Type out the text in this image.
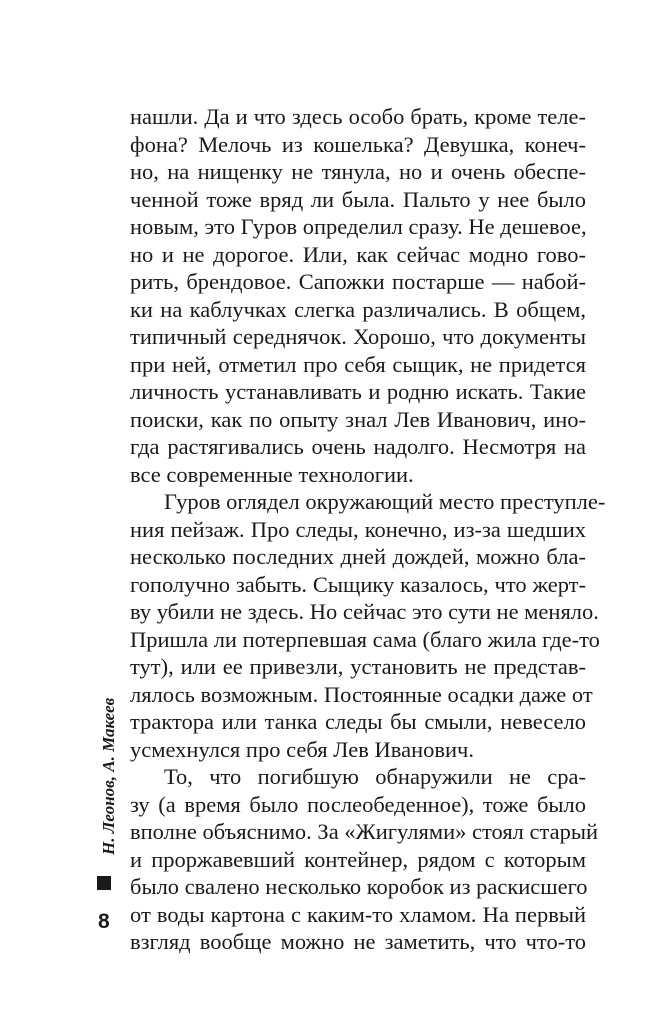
Н. Леонов, А. Макеев
8
нашли. Да и что здесь особо брать, кроме теле-
фона? Мелочь из кошелька? Девушка, конеч-
но, на нищенку не тянула, но и очень обеспе-
ченной тоже вряд ли была. Пальто у нее было
новым, это Гуров определил сразу. Не дешевое,
но и не дорогое. Или, как сейчас модно гово-
рить, брендовое. Сапожки постарше — набой-
ки на каблучках слегка различались. В общем,
типичный середнячок. Хорошо, что документы
при ней, отметил про себя сыщик, не придется
личность устанавливать и родню искать. Такие
поиски, как по опыту знал Лев Иванович, ино-
гда растягивались очень надолго. Несмотря на
все современные технологии.
Гуров оглядел окружающий место преступле-
ния пейзаж. Про следы, конечно, из-за шедших
несколько последних дней дождей, можно бла-
гополучно забыть. Сыщику казалось, что жерт-
ву убили не здесь. Но сейчас это сути не меняло.
Пришла ли потерпевшая сама (благо жила где-то
тут), или ее привезли, установить не представ-
лялось возможным. Постоянные осадки даже от
трактора или танка следы бы смыли, невесело
усмехнулся про себя Лев Иванович.
То, что погибшую обнаружили не сра-
зу (а время было послеобеденное), тоже было
вполне объяснимо. За «Жигулями» стоял старый
и проржавевший контейнер, рядом с которым
было свалено несколько коробок из раскисшего
от воды картона с каким-то хламом. На первый
взгляд вообще можно не заметить, что что-то
